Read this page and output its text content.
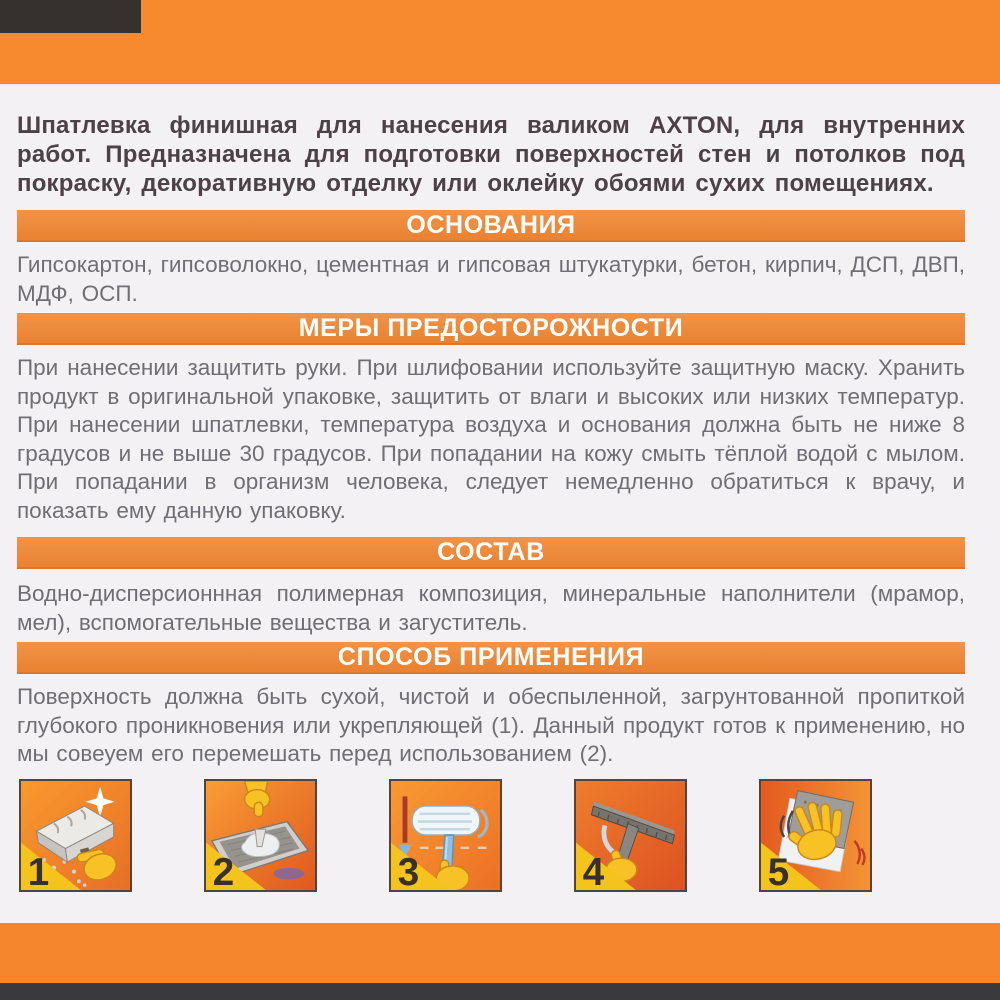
Шпатлевка финишная для нанесения валиком AXTON, для внутренних работ. Предназначена для подготовки поверхностей стен и потолков под покраску, декоративную отделку или оклейку обоями сухих помещениях.

ОСНОВАНИЯ

Гипсокартон, гипсоволокно, цементная и гипсовая штукатурки, бетон, кирпич, ДСП, ДВП, МДФ, ОСП.

МЕРЫ ПРЕДОСТОРОЖНОСТИ

При нанесении защитить руки. При шлифовании используйте защитную маску. Хранить продукт в оригинальной упаковке, защитить от влаги и высоких или низких температур. При нанесении шпатлевки, температура воздуха и основания должна быть не ниже 8 градусов и не выше 30 градусов. При попадании на кожу смыть тёплой водой с мылом. При попадании в организм человека, следует немедленно обратиться к врачу, и показать ему данную упаковку.

СОСТАВ

Водно-дисперсионнная полимерная композиция, минеральные наполнители (мрамор, мел), вспомогательные вещества и загуститель.

СПОСОБ ПРИМЕНЕНИЯ

Поверхность должна быть сухой, чистой и обеспыленной, загрунтованной пропиткой глубокого проникновения или укрепляющей (1). Данный продукт готов к применению, но мы совеуем его перемешать перед использованием (2).

1	2	3	4	5
